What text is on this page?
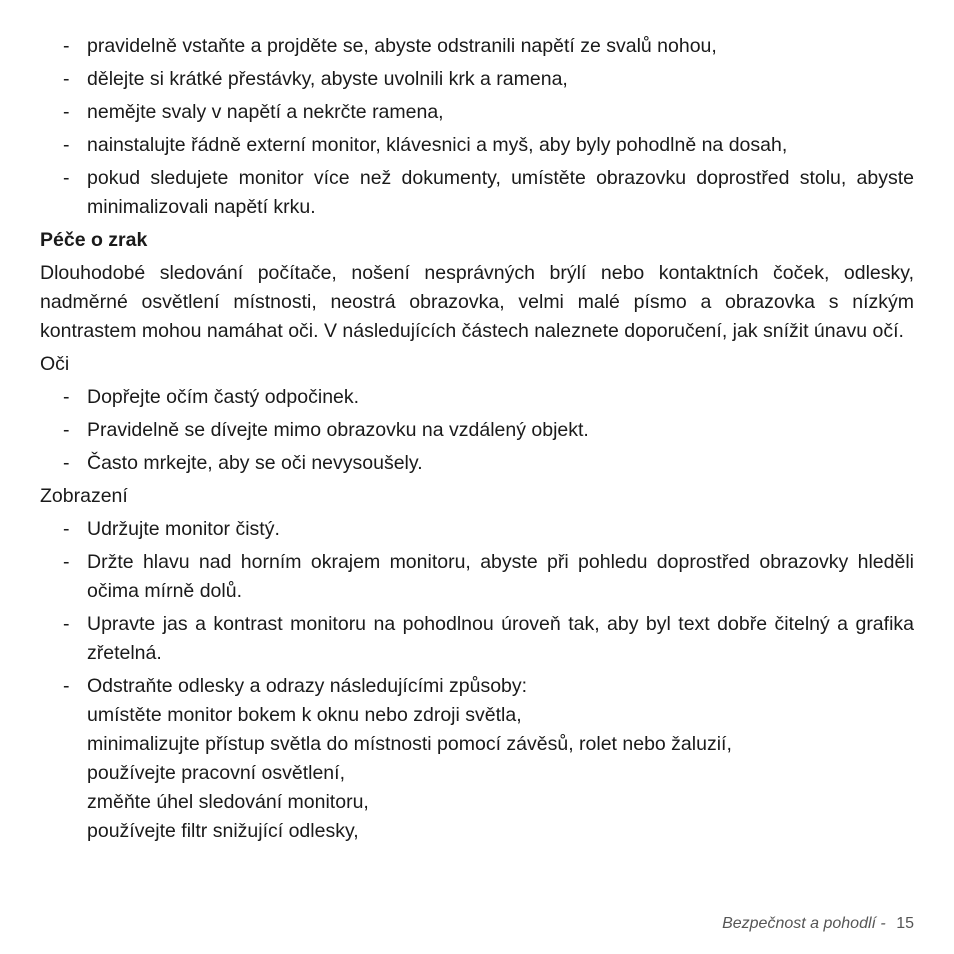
- pravidelně vstaňte a projděte se, abyste odstranili napětí ze svalů nohou,
- dělejte si krátké přestávky, abyste uvolnili krk a ramena,
- nemějte svaly v napětí a nekrčte ramena,
- nainstalujte řádně externí monitor, klávesnici a myš, aby byly pohodlně na dosah,
- pokud sledujete monitor více než dokumenty, umístěte obrazovku doprostřed stolu, abyste minimalizovali napětí krku.
Péče o zrak
Dlouhodobé sledování počítače, nošení nesprávných brýlí nebo kontaktních čoček, odlesky, nadměrné osvětlení místnosti, neostrá obrazovka, velmi malé písmo a obrazovka s nízkým kontrastem mohou namáhat oči. V následujících částech naleznete doporučení, jak snížit únavu očí.
Oči
- Dopřejte očím častý odpočinek.
- Pravidelně se dívejte mimo obrazovku na vzdálený objekt.
- Často mrkejte, aby se oči nevysoušely.
Zobrazení
- Udržujte monitor čistý.
- Držte hlavu nad horním okrajem monitoru, abyste při pohledu doprostřed obrazovky hleděli očima mírně dolů.
- Upravte jas a kontrast monitoru na pohodlnou úroveň tak, aby byl text dobře čitelný a grafika zřetelná.
- Odstraňte odlesky a odrazy následujícími způsoby:
umístěte monitor bokem k oknu nebo zdroji světla,
minimalizujte přístup světla do místnosti pomocí závěsů, rolet nebo žaluzií,
používejte pracovní osvětlení,
změňte úhel sledování monitoru,
používejte filtr snižující odlesky,
Bezpečnost a pohodlí - 15
